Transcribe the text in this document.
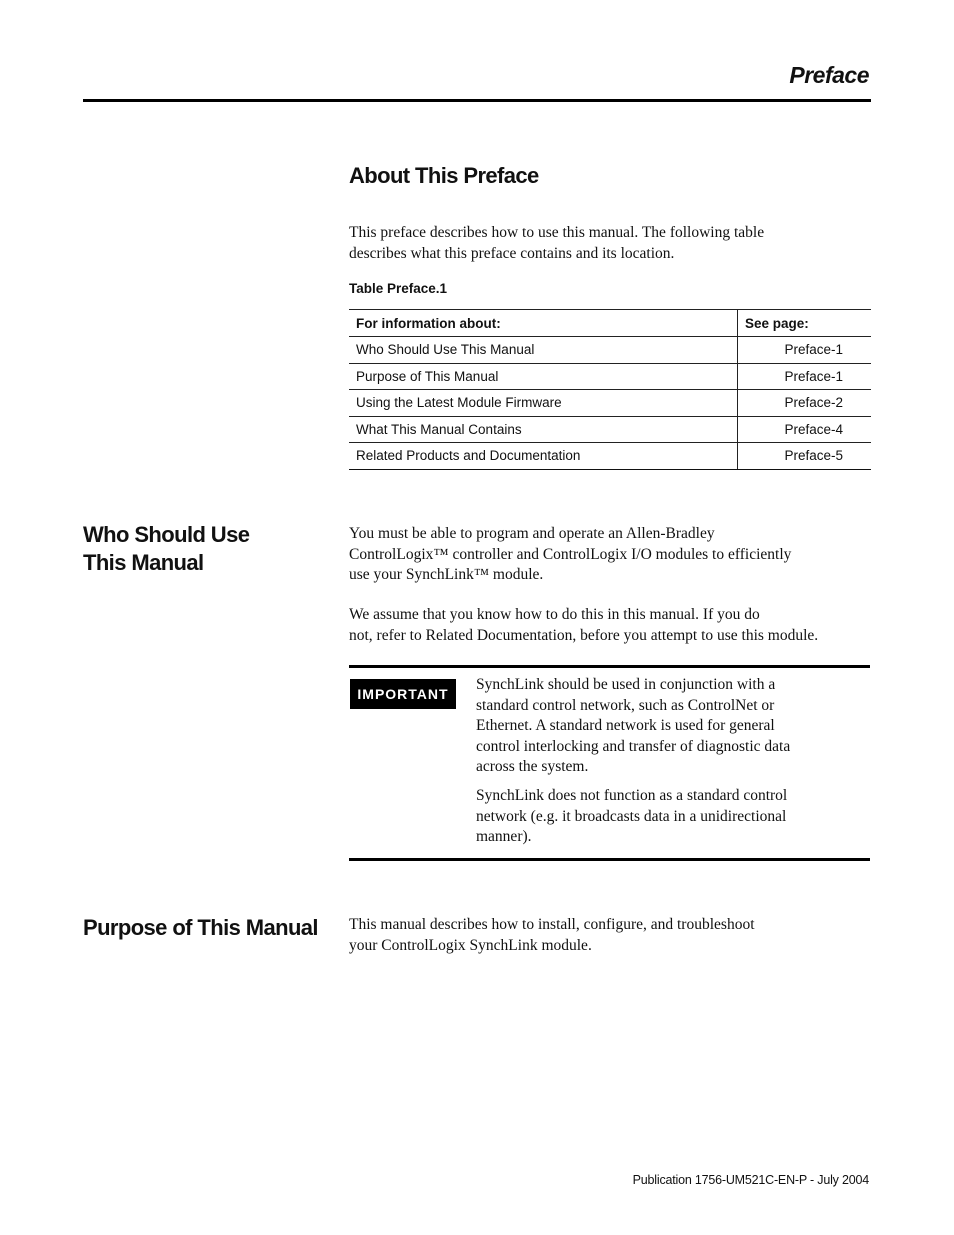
Preface
About This Preface

This preface describes how to use this manual. The following table
describes what this preface contains and its location.

Table Preface.1

For information about:	See page:
Who Should Use This Manual	Preface-1
Purpose of This Manual	Preface-1
Using the Latest Module Firmware	Preface-2
What This Manual Contains	Preface-4
Related Products and Documentation	Preface-5
Who Should Use
This Manual

You must be able to program and operate an Allen-Bradley
ControlLogix™ controller and ControlLogix I/O modules to efficiently
use your SynchLink™ module.

We assume that you know how to do this in this manual. If you do
not, refer to Related Documentation, before you attempt to use this module.

IMPORTANT

SynchLink should be used in conjunction with a
standard control network, such as ControlNet or
Ethernet. A standard network is used for general
control interlocking and transfer of diagnostic data
across the system.

SynchLink does not function as a standard control
network (e.g. it broadcasts data in a unidirectional
manner).

Purpose of This Manual	This manual describes how to install, configure, and troubleshoot
your ControlLogix SynchLink module.

Publication 1756-UM521C-EN-P - July 2004
